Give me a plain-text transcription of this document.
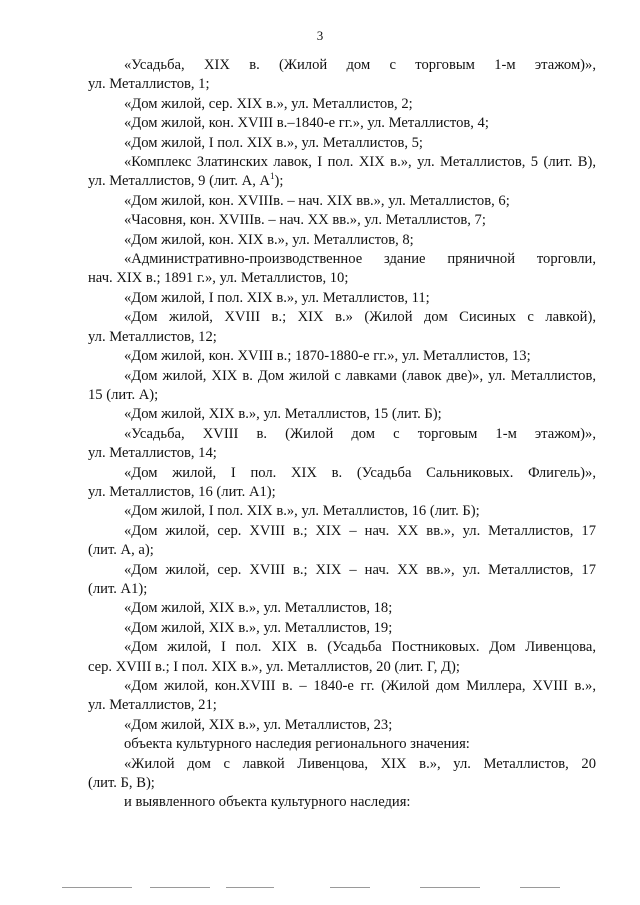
3

«Усадьба, XIX в. (Жилой дом с торговым 1-м этажом)»,
ул. Металлистов, 1;

«Дом жилой, сер. XIX в.», ул. Металлистов, 2;

«Дом жилой, кон. XVIII в.–1840-е гг.», ул. Металлистов, 4;

«Дом жилой, I пол. XIX в.», ул. Металлистов, 5;

«Комплекс Златинских лавок, I пол. XIX в.», ул. Металлистов, 5 (лит. В),
ул. Металлистов, 9 (лит. А, $А^1$);

«Дом жилой, кон. XVIIIв. – нач. XIX вв.», ул. Металлистов, 6;

«Часовня, кон. XVIIIв. – нач. XX вв.», ул. Металлистов, 7;

«Дом жилой, кон. XIX в.», ул. Металлистов, 8;

«Административно-производственное здание пряничной торговли,
нач. XIX в.; 1891 г.», ул. Металлистов, 10;

«Дом жилой, I пол. XIX в.», ул. Металлистов, 11;

«Дом жилой, XVIII в.; XIX в.» (Жилой дом Сисиных с лавкой),
ул. Металлистов, 12;

«Дом жилой, кон. XVIII в.; 1870-1880-е гг.», ул. Металлистов, 13;

«Дом жилой, XIX в. Дом жилой с лавками (лавок две)», ул. Металлистов,
15 (лит. А);

«Дом жилой, XIX в.», ул. Металлистов, 15 (лит. Б);

«Усадьба, XVIII в. (Жилой дом с торговым 1-м этажом)»,
ул. Металлистов, 14;

«Дом жилой, I пол. XIX в. (Усадьба Сальниковых. Флигель)»,
ул. Металлистов, 16 (лит. А1);

«Дом жилой, I пол. XIX в.», ул. Металлистов, 16 (лит. Б);

«Дом жилой, сер. XVIII в.; XIX – нач. XX вв.», ул. Металлистов, 17
(лит. А, а);

«Дом жилой, сер. XVIII в.; XIX – нач. XX вв.», ул. Металлистов, 17
(лит. А1);

«Дом жилой, XIX в.», ул. Металлистов, 18;

«Дом жилой, XIX в.», ул. Металлистов, 19;

«Дом жилой, I пол. XIX в. (Усадьба Постниковых. Дом Ливенцова,
сер. XVIII в.; I пол. XIX в.», ул. Металлистов, 20 (лит. Г, Д);

«Дом жилой, кон.XVIII в. – 1840-е гг. (Жилой дом Миллера, XVIII в.»,
ул. Металлистов, 21;

«Дом жилой, XIX в.», ул. Металлистов, 23;

объекта культурного наследия регионального значения:

«Жилой дом с лавкой Ливенцова, XIX в.», ул. Металлистов, 20
(лит. Б, В);

и выявленного объекта культурного наследия:
